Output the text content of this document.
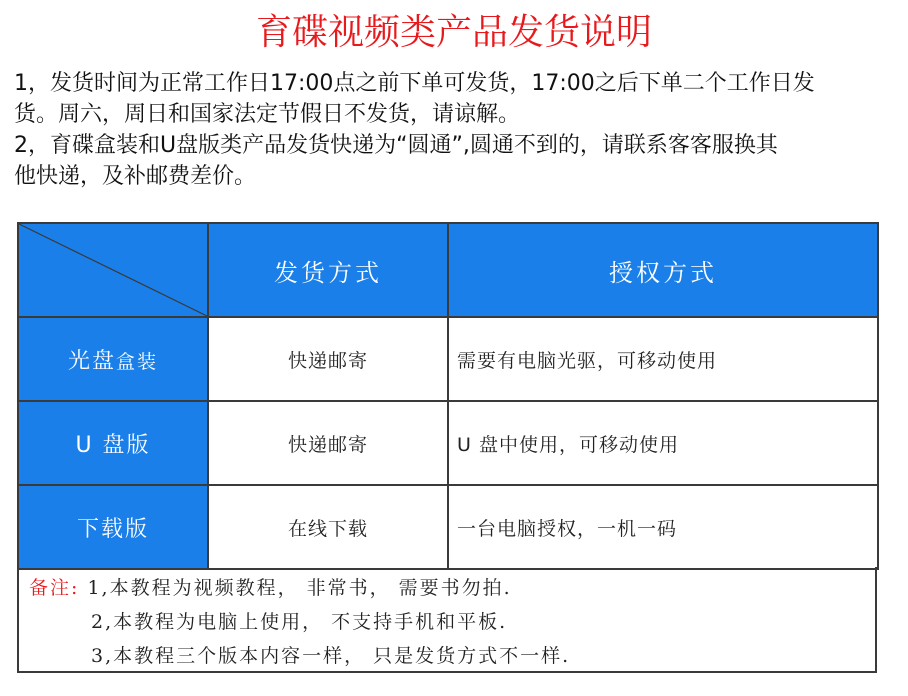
育碟视频类产品发货说明

1，发货时间为正常工作日17:00点之前下单可发货，17:00之后下单二个工作日发

货。周六，周日和国家法定节假日不发货，请谅解。

2，育碟盒装和U盘版类产品发货快递为“圆通”,圆通不到的，请联系客客服换其

他快递，及补邮费差价。

	发货方式	授权方式
光盘盒装	快递邮寄	需要有电脑光驱，可移动使用
U 盘版	快递邮寄	U 盘中使用，可移动使用
下载版	在线下载	一台电脑授权，一机一码
备注: 1,本教程为视频教程， 非常书， 需要书勿拍.
2,本教程为电脑上使用， 不支持手机和平板.
3,本教程三个版本内容一样， 只是发货方式不一样.
